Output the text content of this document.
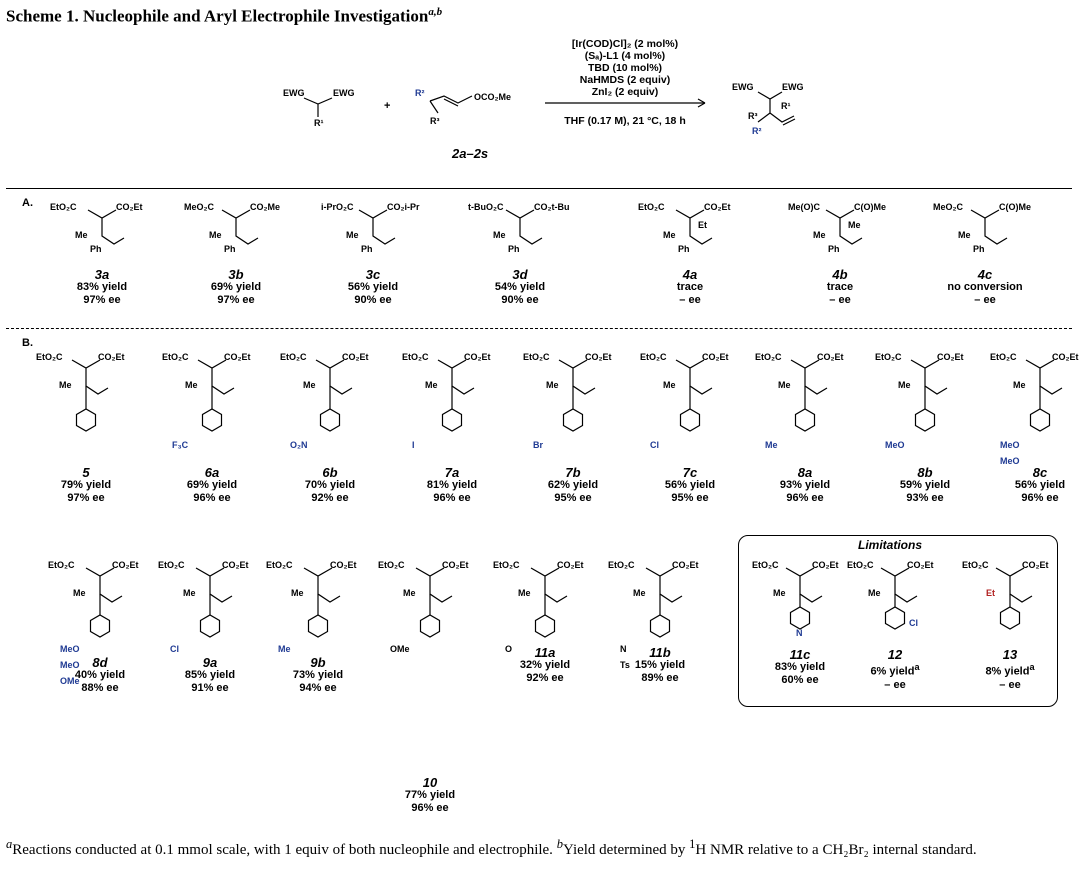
Scheme 1. Nucleophile and Aryl Electrophile Investigation$^{a,b}$
EWG	EWG
R¹
+
R²
R³
OCO₂Me
2a–2s
[Ir(COD)Cl]₂ (2 mol%)
(Sₐ)-L1 (4 mol%)
TBD (10 mol%)
NaHMDS (2 equiv)
ZnI₂ (2 equiv)
THF (0.17 M), 21 °C, 18 h
EWG	EWG
R¹
R³
R²
A.
B.
EtO₂C	CO₂Et
Me
Ph
3a
83% yield
97% ee
MeO₂C	CO₂Me
Me
Ph
3b
69% yield
97% ee
i-PrO₂C	CO₂i-Pr
Me
Ph
3c
56% yield
90% ee
t-BuO₂C	CO₂t-Bu
Me
Ph
3d
54% yield
90% ee
EtO₂C	CO₂Et
Me
Ph
Et
4a
trace
– ee
Me(O)C	C(O)Me
Me
Ph
Me
4b
trace
– ee
MeO₂C	C(O)Me
Me
Ph
4c
no conversion
– ee
EtO₂C	CO₂Et
Me
5
79% yield
97% ee
EtO₂C	CO₂Et
Me
F₃C
6a
69% yield
96% ee
EtO₂C	CO₂Et
Me
O₂N
6b
70% yield
92% ee
EtO₂C	CO₂Et
Me
I
7a
81% yield
96% ee
EtO₂C	CO₂Et
Me
Br
7b
62% yield
95% ee
EtO₂C	CO₂Et
Me
Cl
7c
56% yield
95% ee
EtO₂C	CO₂Et
Me
Me
8a
93% yield
96% ee
EtO₂C	CO₂Et
Me
MeO
8b
59% yield
93% ee
EtO₂C	CO₂Et
Me
MeO
MeO
8c
56% yield
96% ee
EtO₂C	CO₂Et
Me
MeO
MeO
OMe
8d
40% yield
88% ee
EtO₂C	CO₂Et
Me
Cl
9a
85% yield
91% ee
EtO₂C	CO₂Et
Me
Me
9b
73% yield
94% ee
EtO₂C	CO₂Et
Me
OMe
10
77% yield
96% ee
EtO₂C	CO₂Et
Me
O	11a
32% yield
92% ee
EtO₂C	CO₂Et
Me
N
Ts
11b
15% yield
89% ee
Limitations
EtO₂C	CO₂Et
Me
N
11c
83% yield
60% ee
EtO₂C	CO₂Et
Me
Cl
12
6% yield$^a$
– ee
EtO₂C	CO₂Et
Et
13
8% yield$^a$
– ee
$^a$Reactions conducted at 0.1 mmol scale, with 1 equiv of both nucleophile and electrophile. $^b$Yield determined by $^1$H NMR relative to a CH₂Br₂ internal standard.
